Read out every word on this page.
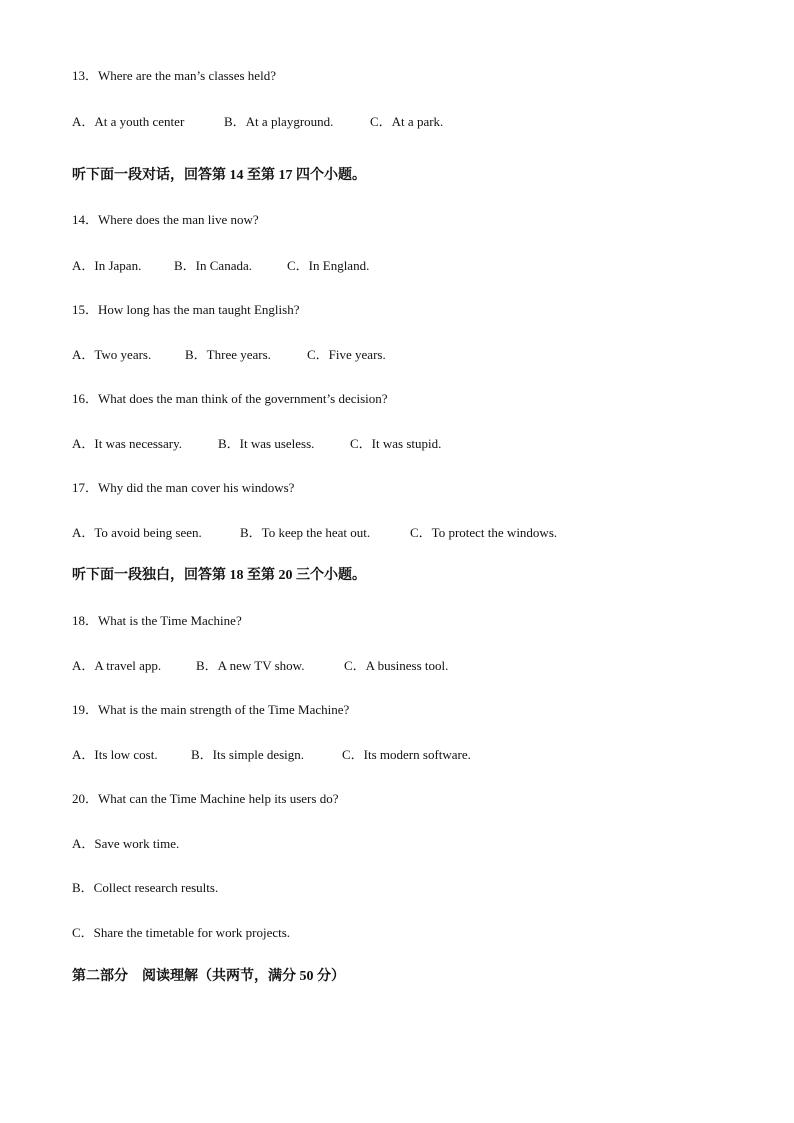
13．Where are the man’s classes held?
A．At a youth center	B．At a playground.	C．At a park.
听下面一段对话，回答第 14 至第 17 四个小题。
14．Where does the man live now?
A．In Japan.	B．In Canada.	C．In England.
15．How long has the man taught English?
A．Two years.	B．Three years.	C．Five years.
16．What does the man think of the government’s decision?
A．It was necessary.	B．It was useless.	C．It was stupid.
17．Why did the man cover his windows?
A．To avoid being seen.	B．To keep the heat out.	C．To protect the windows.
听下面一段独白，回答第 18 至第 20 三个小题。
18．What is the Time Machine?
A．A travel app.	B．A new TV show.	C．A business tool.
19．What is the main strength of the Time Machine?
A．Its low cost.	B．Its simple design.	C．Its modern software.
20．What can the Time Machine help its users do?
A．Save work time.
B．Collect research results.
C．Share the timetable for work projects.
第二部分　阅读理解（共两节，满分 50 分）
